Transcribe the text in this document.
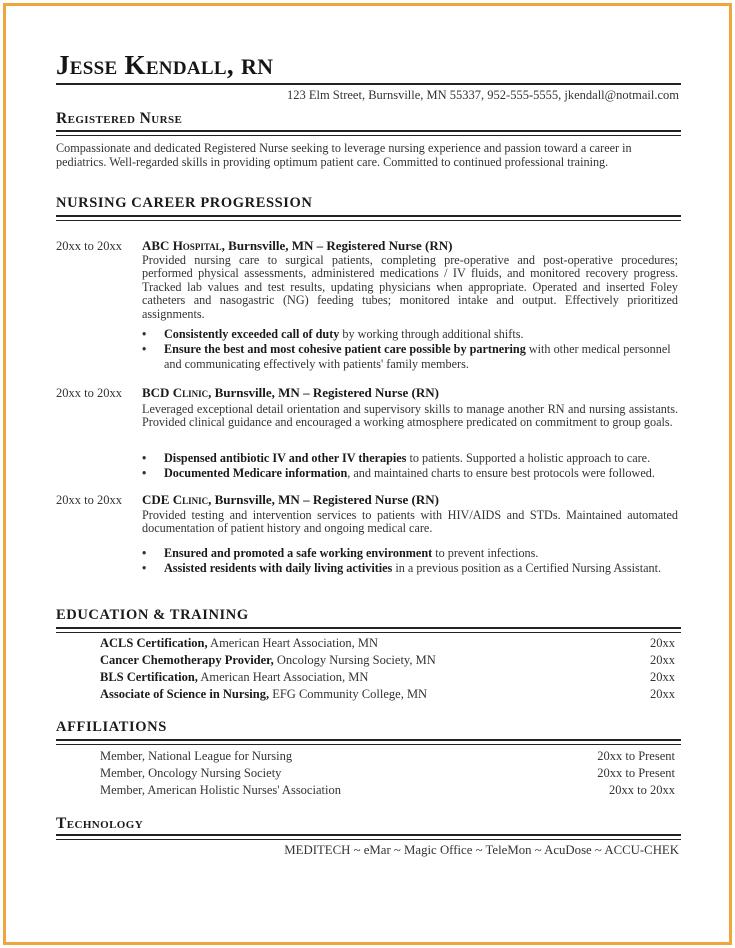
Jesse Kendall, RN
123 Elm Street, Burnsville, MN 55337, 952-555-5555, jkendall@notmail.com
Registered Nurse
Compassionate and dedicated Registered Nurse seeking to leverage nursing experience and passion toward a career in
pediatrics. Well-regarded skills in providing optimum patient care. Committed to continued professional training.
NURSING CAREER PROGRESSION
20xx to 20xx ABC Hospital, Burnsville, MN – Registered Nurse (RN)
Provided nursing care to surgical patients, completing pre-operative and post-operative procedures; performed physical assessments, administered medications / IV fluids, and monitored recovery progress. Tracked lab values and test results, updating physicians when appropriate. Operated and inserted Foley catheters and nasogastric (NG) feeding tubes; monitored intake and output. Effectively prioritized assignments.
• Consistently exceeded call of duty by working through additional shifts.
• Ensure the best and most cohesive patient care possible by partnering with other medical personnel and communicating effectively with patients' family members.
20xx to 20xx BCD Clinic, Burnsville, MN – Registered Nurse (RN)
Leveraged exceptional detail orientation and supervisory skills to manage another RN and nursing assistants. Provided clinical guidance and encouraged a working atmosphere predicated on commitment to group goals.
• Dispensed antibiotic IV and other IV therapies to patients. Supported a holistic approach to care.
• Documented Medicare information, and maintained charts to ensure best protocols were followed.
20xx to 20xx CDE Clinic, Burnsville, MN – Registered Nurse (RN)
Provided testing and intervention services to patients with HIV/AIDS and STDs. Maintained automated documentation of patient history and ongoing medical care.
• Ensured and promoted a safe working environment to prevent infections.
• Assisted residents with daily living activities in a previous position as a Certified Nursing Assistant.
EDUCATION & TRAINING
ACLS Certification, American Heart Association, MN	20xx
Cancer Chemotherapy Provider, Oncology Nursing Society, MN	20xx
BLS Certification, American Heart Association, MN	20xx
Associate of Science in Nursing, EFG Community College, MN	20xx
AFFILIATIONS
Member, National League for Nursing	20xx to Present
Member, Oncology Nursing Society	20xx to Present
Member, American Holistic Nurses' Association	20xx to 20xx
Technology
MEDITECH ~ eMar ~ Magic Office ~ TeleMon ~ AcuDose ~ ACCU-CHEK
